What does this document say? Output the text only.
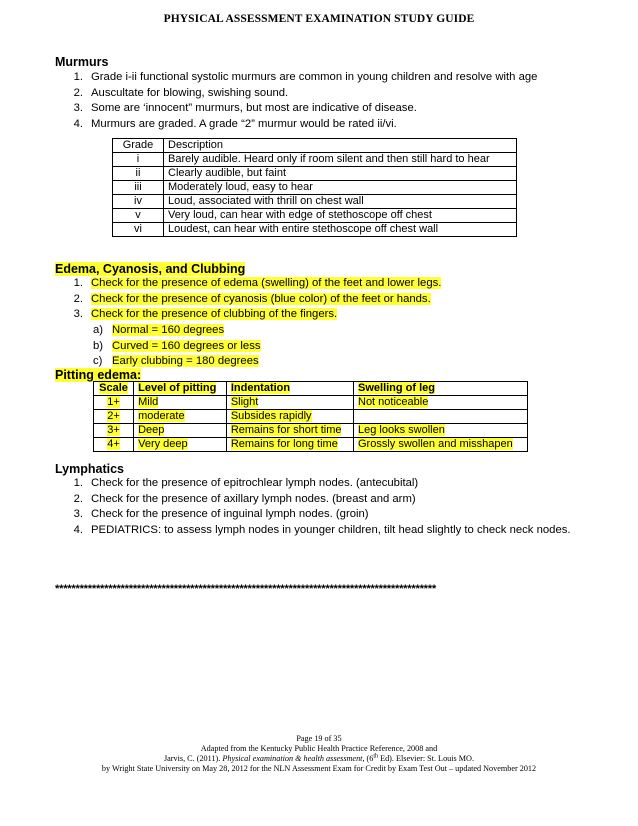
PHYSICAL ASSESSMENT EXAMINATION STUDY GUIDE
Murmurs
1. Grade i-ii functional systolic murmurs are common in young children and resolve with age
2. Auscultate for blowing, swishing sound.
3. Some are ‘innocent” murmurs, but most are indicative of disease.
4. Murmurs are graded. A grade “2” murmur would be rated ii/vi.
Grade	Description
i	Barely audible. Heard only if room silent and then still hard to hear
ii	Clearly audible, but faint
iii	Moderately loud, easy to hear
iv	Loud, associated with thrill on chest wall
v	Very loud, can hear with edge of stethoscope off chest
vi	Loudest, can hear with entire stethoscope off chest wall
Edema, Cyanosis, and Clubbing
1. Check for the presence of edema (swelling) of the feet and lower legs.
2. Check for the presence of cyanosis (blue color) of the feet or hands.
3. Check for the presence of clubbing of the fingers.
a) Normal = 160 degrees
b) Curved = 160 degrees or less
c) Early clubbing = 180 degrees
Pitting edema:
Scale	Level of pitting	Indentation	Swelling of leg
1+	Mild	Slight	Not noticeable
2+	moderate	Subsides rapidly	
3+	Deep	Remains for short time	Leg looks swollen
4+	Very deep	Remains for long time	Grossly swollen and misshapen
Lymphatics
1. Check for the presence of epitrochlear lymph nodes. (antecubital)
2. Check for the presence of axillary lymph nodes. (breast and arm)
3. Check for the presence of inguinal lymph nodes. (groin)
4. PEDIATRICS: to assess lymph nodes in younger children, tilt head slightly to check neck nodes.
*********************************************************************************************
Page 19 of 35
Adapted from the Kentucky Public Health Practice Reference, 2008 and
Jarvis, C. (2011). Physical examination & health assessment, (6th Ed). Elsevier: St. Louis MO.
by Wright State University on May 28, 2012 for the NLN Assessment Exam for Credit by Exam Test Out – updated November 2012
